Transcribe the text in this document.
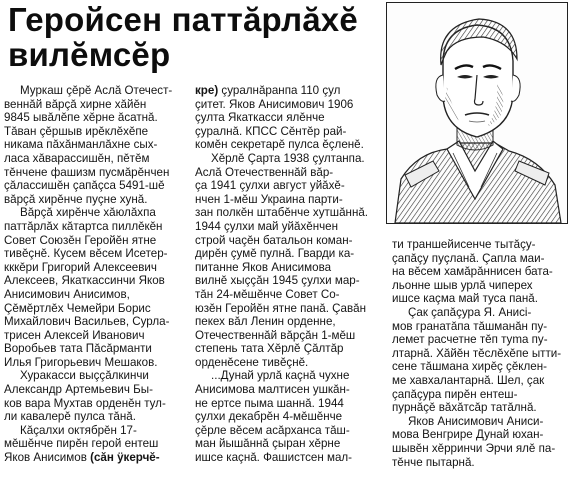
Геройсен паттăрлăхĕ
вилĕмсĕр
Муркаш çĕрĕ Аслă Отечест-
веннăй вăрçă хирне хăйĕн
9845 ывăлĕпе хĕрне ăсатнă.
Тăван çĕршыв ирĕклĕхĕпе
никама пăхăнманлăхне сых-
ласа хăварассишĕн, пĕтĕм
тĕнчене фашизм пусмăрĕнчен
çăлассишĕн çапăçса 5491-шĕ
вăрçă хирĕнче пуçне хунă.
Вăрçă хирĕнче хăюлăхпа
паттăрлăх кăтартса пиллĕкĕн
Совет Союзĕн Геройĕн ятне
тивĕçнĕ. Кусем вĕсем Исетер-
кккĕри Григорий Алексеевич
Алексеев, Якаткассинчи Яков
Анисимович Анисимов,
Çĕмĕртлĕх Чемейри Борис
Михайлович Васильев, Сурла-
трисен Алексей Иванович
Воробьев тата Пăсăрманти
Илья Григорьевич Мешаков.
Хуракасси выççăлкинчи
Александр Артемьевич Бы-
ков вара Мухтав орденĕн тул-
ли кавалерĕ пулса тăнă.
Кăçалхи октябрĕн 17-
мĕшĕнче пирĕн герой ентеш
Яков Анисимов (сăн ÿкерчĕ-
кре) çуралнăранпа 110 çул
çитет. Яков Анисимович 1906
çулта Якаткасси ялĕнче
çуралнă. КПСС Сĕнтĕр рай-
комĕн секретарĕ пулса ĕçленĕ.
Хĕрлĕ Çарта 1938 çултанпа.
Аслă Отечественнăй вăр-
çа 1941 çулхи август уйăхĕ-
нчен 1-мĕш Украина парти-
зан полкĕн штабĕнче хутшăннă.
1944 çулхи май уйăхĕнчен
строй чаçĕн батальон коман-
дирĕн çумĕ пулнă. Гварди ка-
питанне Яков Анисимова
вилнĕ хыççăн 1945 çулхи мар-
тăн 24-мĕшĕнче Совет Со-
юзĕн Геройĕн ятне панă. Çавăн
пекех вăл Ленин орденне,
Отечественнăй вăрçăн 1-мĕш
степень тата Хĕрлĕ Çăлтăр
орденĕсене тивĕçнĕ.
...Дунай урлă каçнă чухне
Анисимова малтисен ушкăн-
не ертсе пыма шаннă. 1944
çулхи декабрĕн 4-мĕшĕнче
çĕрле вĕсем асăрханса тăш-
ман йышăннă çыран хĕрне
ишсе каçнă. Фашистсен мал-
ти траншейисенче тытăçу-
çапăçу пуçланă. Çапла маи-
на вĕсем хамăрăннисен бата-
льонне шыв урлă чиперех
ишсе каçма май туса панă.
Çак çапăçура Я. Анисi-
мов гранатăпа тăшманăн пу-
лемет расчетне тĕп туma пу-
лтарнă. Хăйĕн тĕслĕхĕпе ытти-
сене тăшмана хирĕç çĕклен-
ме хавхалантарнă. Шел, çак
çапăçура пирĕн ентеш-
пурнăçĕ вăхăтсăр татăлнă.
Яков Анисимович Аниси-
мова Венгрире Дунай юхан-
шывĕн хĕрринчи Эрчи ялĕ па-
тĕнче пытарнă.
